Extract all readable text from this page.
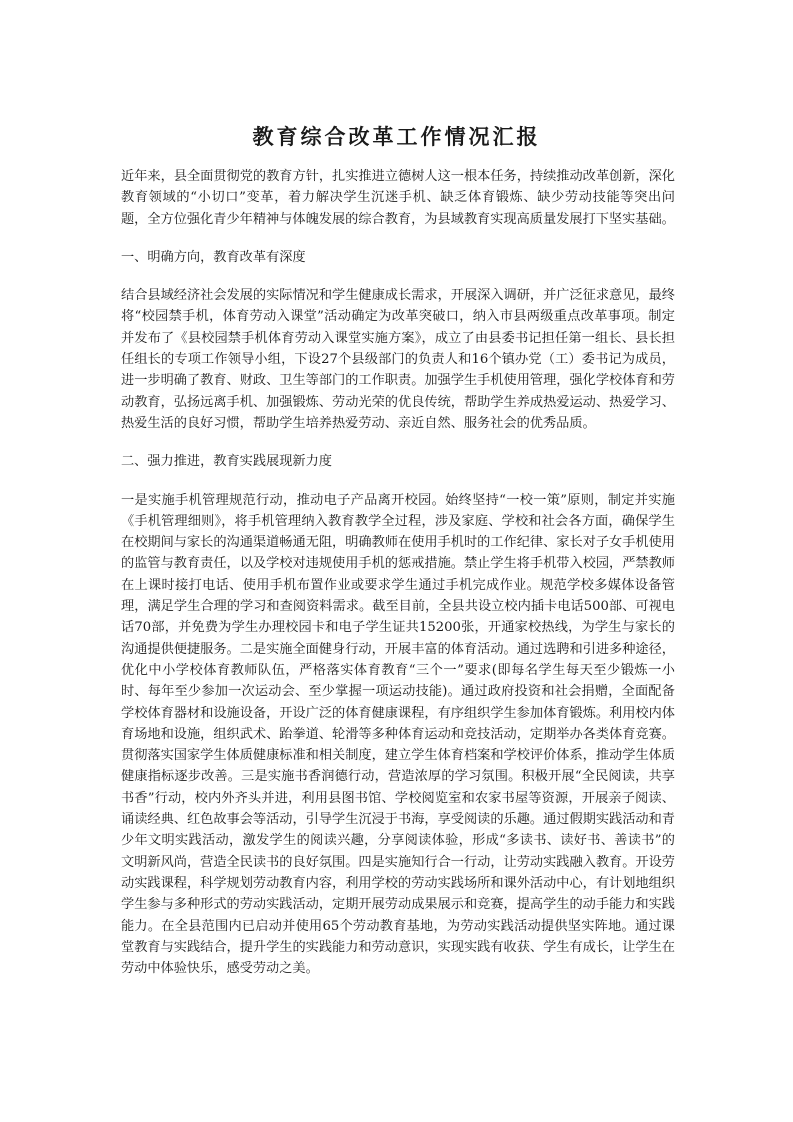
教育综合改革工作情况汇报

近年来，县全面贯彻党的教育方针，扎实推进立德树人这一根本任务，持续推动改革创新，深化教育领域的“小切口”变革，着力解决学生沉迷手机、缺乏体育锻炼、缺少劳动技能等突出问题，全方位强化青少年精神与体魄发展的综合教育，为县域教育实现高质量发展打下坚实基础。

一、明确方向，教育改革有深度

结合县域经济社会发展的实际情况和学生健康成长需求，开展深入调研，并广泛征求意见，最终将“校园禁手机，体育劳动入课堂”活动确定为改革突破口，纳入市县两级重点改革事项。制定并发布了《县校园禁手机体育劳动入课堂实施方案》，成立了由县委书记担任第一组长、县长担任组长的专项工作领导小组，下设27个县级部门的负责人和16个镇办党（工）委书记为成员，进一步明确了教育、财政、卫生等部门的工作职责。加强学生手机使用管理，强化学校体育和劳动教育，弘扬远离手机、加强锻炼、劳动光荣的优良传统，帮助学生养成热爱运动、热爱学习、热爱生活的良好习惯，帮助学生培养热爱劳动、亲近自然、服务社会的优秀品质。

二、强力推进，教育实践展现新力度

一是实施手机管理规范行动，推动电子产品离开校园。始终坚持“一校一策”原则，制定并实施《手机管理细则》，将手机管理纳入教育教学全过程，涉及家庭、学校和社会各方面，确保学生在校期间与家长的沟通渠道畅通无阻，明确教师在使用手机时的工作纪律、家长对子女手机使用的监管与教育责任，以及学校对违规使用手机的惩戒措施。禁止学生将手机带入校园，严禁教师在上课时接打电话、使用手机布置作业或要求学生通过手机完成作业。规范学校多媒体设备管理，满足学生合理的学习和查阅资料需求。截至目前，全县共设立校内插卡电话500部、可视电话70部，并免费为学生办理校园卡和电子学生证共15200张，开通家校热线，为学生与家长的沟通提供便捷服务。二是实施全面健身行动，开展丰富的体育活动。通过选聘和引进多种途径，优化中小学校体育教师队伍，严格落实体育教育“三个一”要求(即每名学生每天至少锻炼一小时、每年至少参加一次运动会、至少掌握一项运动技能)。通过政府投资和社会捐赠，全面配备学校体育器材和设施设备，开设广泛的体育健康课程，有序组织学生参加体育锻炼。利用校内体育场地和设施，组织武术、跆拳道、轮滑等多种体育运动和竞技活动，定期举办各类体育竞赛。贯彻落实国家学生体质健康标准和相关制度，建立学生体育档案和学校评价体系，推动学生体质健康指标逐步改善。三是实施书香润德行动，营造浓厚的学习氛围。积极开展“全民阅读，共享书香”行动，校内外齐头并进，利用县图书馆、学校阅览室和农家书屋等资源，开展亲子阅读、诵读经典、红色故事会等活动，引导学生沉浸于书海，享受阅读的乐趣。通过假期实践活动和青少年文明实践活动，激发学生的阅读兴趣，分享阅读体验，形成“多读书、读好书、善读书”的文明新风尚，营造全民读书的良好氛围。四是实施知行合一行动，让劳动实践融入教育。开设劳动实践课程，科学规划劳动教育内容，利用学校的劳动实践场所和课外活动中心，有计划地组织学生参与多种形式的劳动实践活动，定期开展劳动成果展示和竞赛，提高学生的动手能力和实践能力。在全县范围内已启动并使用65个劳动教育基地，为劳动实践活动提供坚实阵地。通过课堂教育与实践结合，提升学生的实践能力和劳动意识，实现实践有收获、学生有成长，让学生在劳动中体验快乐，感受劳动之美。
